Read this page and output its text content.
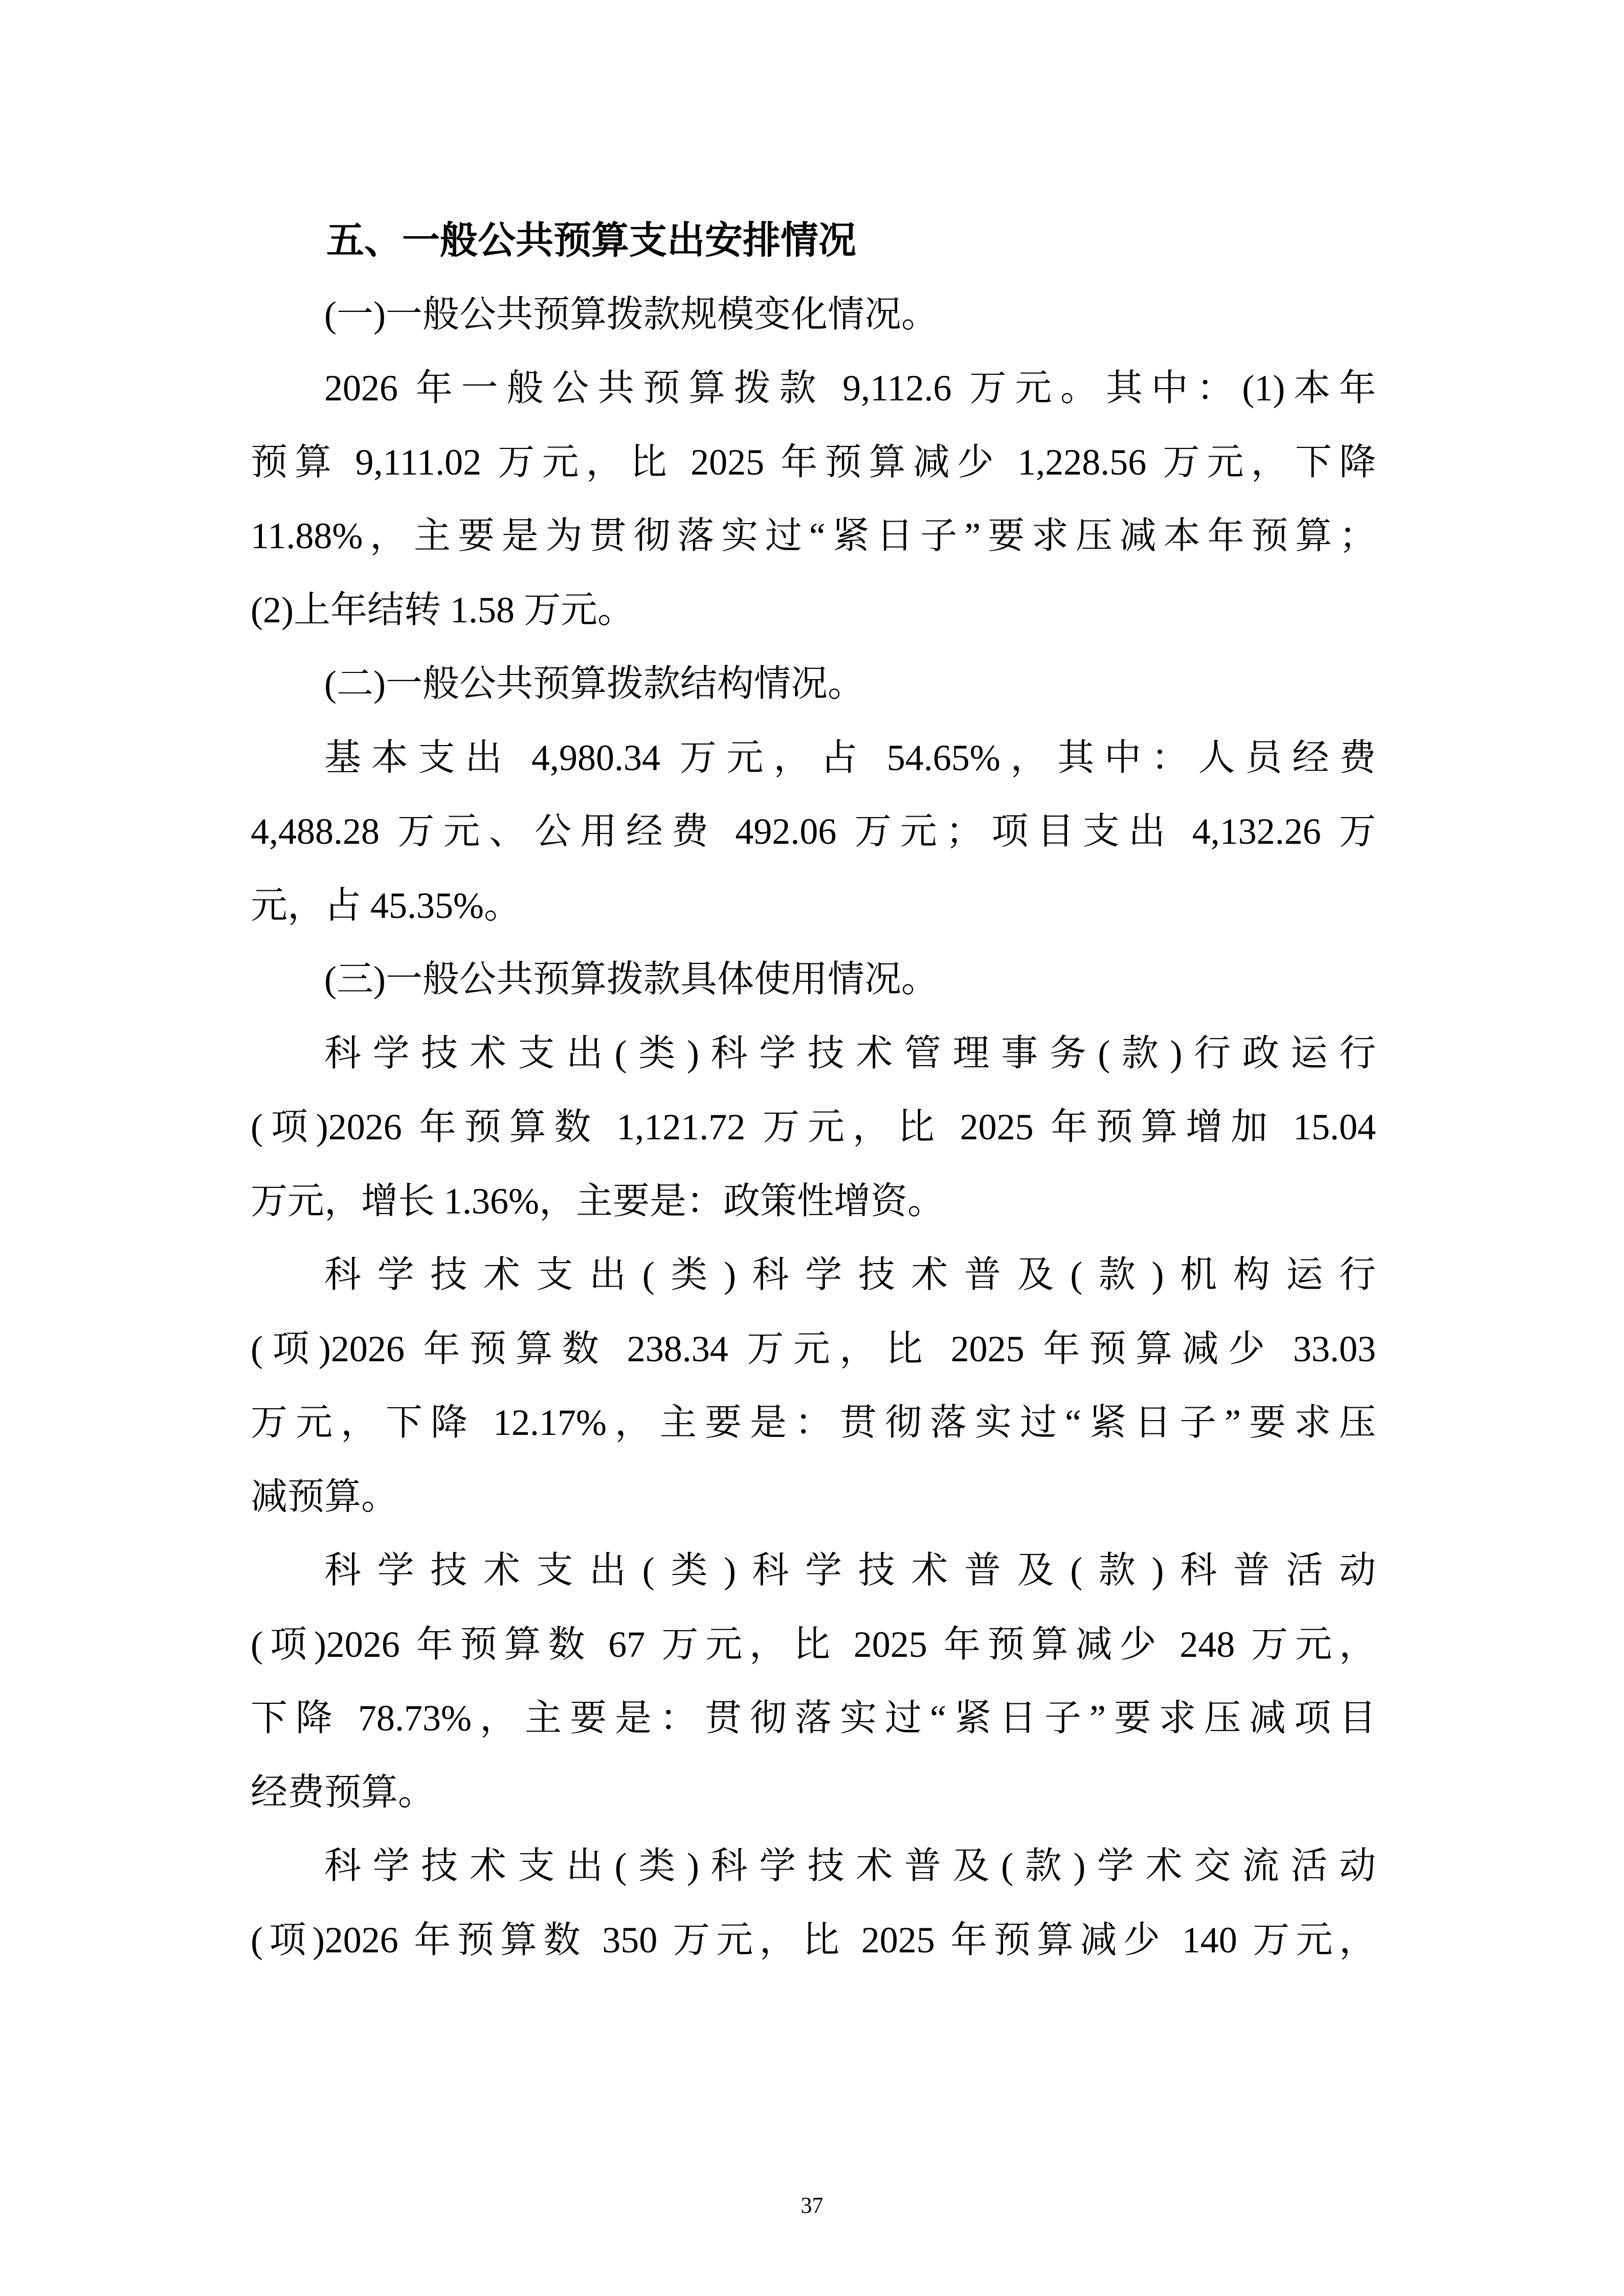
五、一般公共预算支出安排情况
(一)一般公共预算拨款规模变化情况。
2026 年一般公共预算拨款 9,112.6 万元。其中：(1)本年
预算 9,111.02 万元，比 2025 年预算减少 1,228.56 万元，下降
11.88%，主要是为贯彻落实过“紧日子”要求压减本年预算；
(2)上年结转 1.58 万元。
(二)一般公共预算拨款结构情况。
基本支出 4,980.34 万元，占 54.65%，其中：人员经费
4,488.28 万元、公用经费 492.06 万元；项目支出 4,132.26 万
元，占 45.35%。
(三)一般公共预算拨款具体使用情况。
科学技术支出(类)科学技术管理事务(款)行政运行
(项)2026 年预算数 1,121.72 万元，比 2025 年预算增加 15.04
万元，增长 1.36%，主要是：政策性增资。
科学技术支出(类)科学技术普及(款)机构运行
(项)2026 年预算数 238.34 万元，比 2025 年预算减少 33.03
万元，下降 12.17%，主要是：贯彻落实过“紧日子”要求压
减预算。
科学技术支出(类)科学技术普及(款)科普活动
(项)2026 年预算数 67 万元，比 2025 年预算减少 248 万元，
下降 78.73%，主要是：贯彻落实过“紧日子”要求压减项目
经费预算。
科学技术支出(类)科学技术普及(款)学术交流活动
(项)2026 年预算数 350 万元，比 2025 年预算减少 140 万元，
37
